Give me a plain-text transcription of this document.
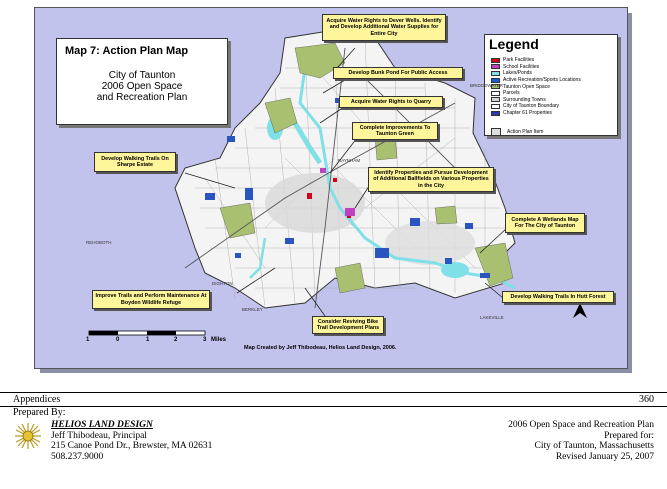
Map 7: Action Plan Map
City of Taunton
2006 Open Space
and Recreation Plan
Legend
Park Facilities
School Facilities
Lakes/Ponds
Active Recreation/Sports Locations
Taunton Open Space
Parcels
Surrounding Towns
City of Taunton Boundary
Chapter 61 Properties
Action Plan Item
Acquire Water Rights to Dever Wells. Identify and Develop Additional Water Supplies for Entire City
Develop Bunk Pond For Public Access
Acquire Water Rights to Quarry
Complete Improvements To Taunton Green
Identify Properties and Pursue Development of Additional Ballfields on Various Properties in the City
Develop Walking Trails On Sharpe Estate
Complete A Wetlands Map For The City of Taunton
Develop Walking Trails In Hutt Forest
Improve Trails and Perform Maintenance At Boyden Wildlife Refuge
Consider Reviving Bike Trail Development Plans
BRIDGEWATER
RAYNHAM
REHOBOTH
BERKLEY
DIGHTON
LAKEVILLE
1	0	1	2	3 Miles
Map Created by Jeff Thibodeau, Helios Land Design, 2006.
Appendices	360
Prepared By:
HELIOS LAND DESIGN
Jeff Thibodeau, Principal
215 Canoe Pond Dr., Brewster, MA 02631
508.237.9000
2006 Open Space and Recreation Plan
Prepared for:
City of Taunton, Massachusetts
Revised January 25, 2007
